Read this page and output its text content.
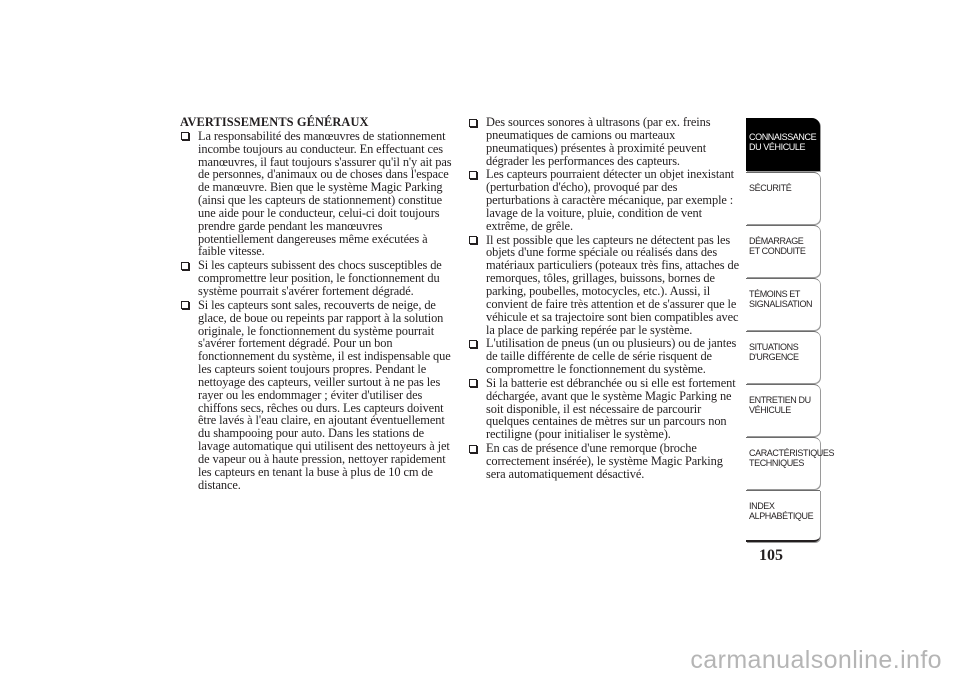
AVERTISSEMENTS GÉNÉRAUX
La responsabilité des manœuvres de stationnement incombe toujours au conducteur. En effectuant ces manœuvres, il faut toujours s'assurer qu'il n'y ait pas de personnes, d'animaux ou de choses dans l'espace de manœuvre. Bien que le système Magic Parking (ainsi que les capteurs de stationnement) constitue une aide pour le conducteur, celui-ci doit toujours prendre garde pendant les manœuvres potentiellement dangereuses même exécutées à faible vitesse.
Si les capteurs subissent des chocs susceptibles de compromettre leur position, le fonctionnement du système pourrait s'avérer fortement dégradé.
Si les capteurs sont sales, recouverts de neige, de glace, de boue ou repeints par rapport à la solution originale, le fonctionnement du système pourrait s'avérer fortement dégradé. Pour un bon fonctionnement du système, il est indispensable que les capteurs soient toujours propres. Pendant le nettoyage des capteurs, veiller surtout à ne pas les rayer ou les endommager ; éviter d'utiliser des chiffons secs, rêches ou durs. Les capteurs doivent être lavés à l'eau claire, en ajoutant éventuellement du shampooing pour auto. Dans les stations de lavage automatique qui utilisent des nettoyeurs à jet de vapeur ou à haute pression, nettoyer rapidement les capteurs en tenant la buse à plus de 10 cm de distance.
Des sources sonores à ultrasons (par ex. freins pneumatiques de camions ou marteaux pneumatiques) présentes à proximité peuvent dégrader les performances des capteurs.
Les capteurs pourraient détecter un objet inexistant (perturbation d'écho), provoqué par des perturbations à caractère mécanique, par exemple : lavage de la voiture, pluie, condition de vent extrême, de grêle.
Il est possible que les capteurs ne détectent pas les objets d'une forme spéciale ou réalisés dans des matériaux particuliers (poteaux très fins, attaches de remorques, tôles, grillages, buissons, bornes de parking, poubelles, motocycles, etc.). Aussi, il convient de faire très attention et de s'assurer que le véhicule et sa trajectoire sont bien compatibles avec la place de parking repérée par le système.
L'utilisation de pneus (un ou plusieurs) ou de jantes de taille différente de celle de série risquent de compromettre le fonctionnement du système.
Si la batterie est débranchée ou si elle est fortement déchargée, avant que le système Magic Parking ne soit disponible, il est nécessaire de parcourir quelques centaines de mètres sur un parcours non rectiligne (pour initialiser le système).
En cas de présence d'une remorque (broche correctement insérée), le système Magic Parking sera automatiquement désactivé.
CONNAISSANCE DU VÉHICULE
SÉCURITÉ
DÉMARRAGE ET CONDUITE
TÉMOINS ET SIGNALISATION
SITUATIONS D'URGENCE
ENTRETIEN DU VÉHICULE
CARACTÉRISTIQUES TECHNIQUES
INDEX ALPHABÉTIQUE
105
carmanualsonline.info
